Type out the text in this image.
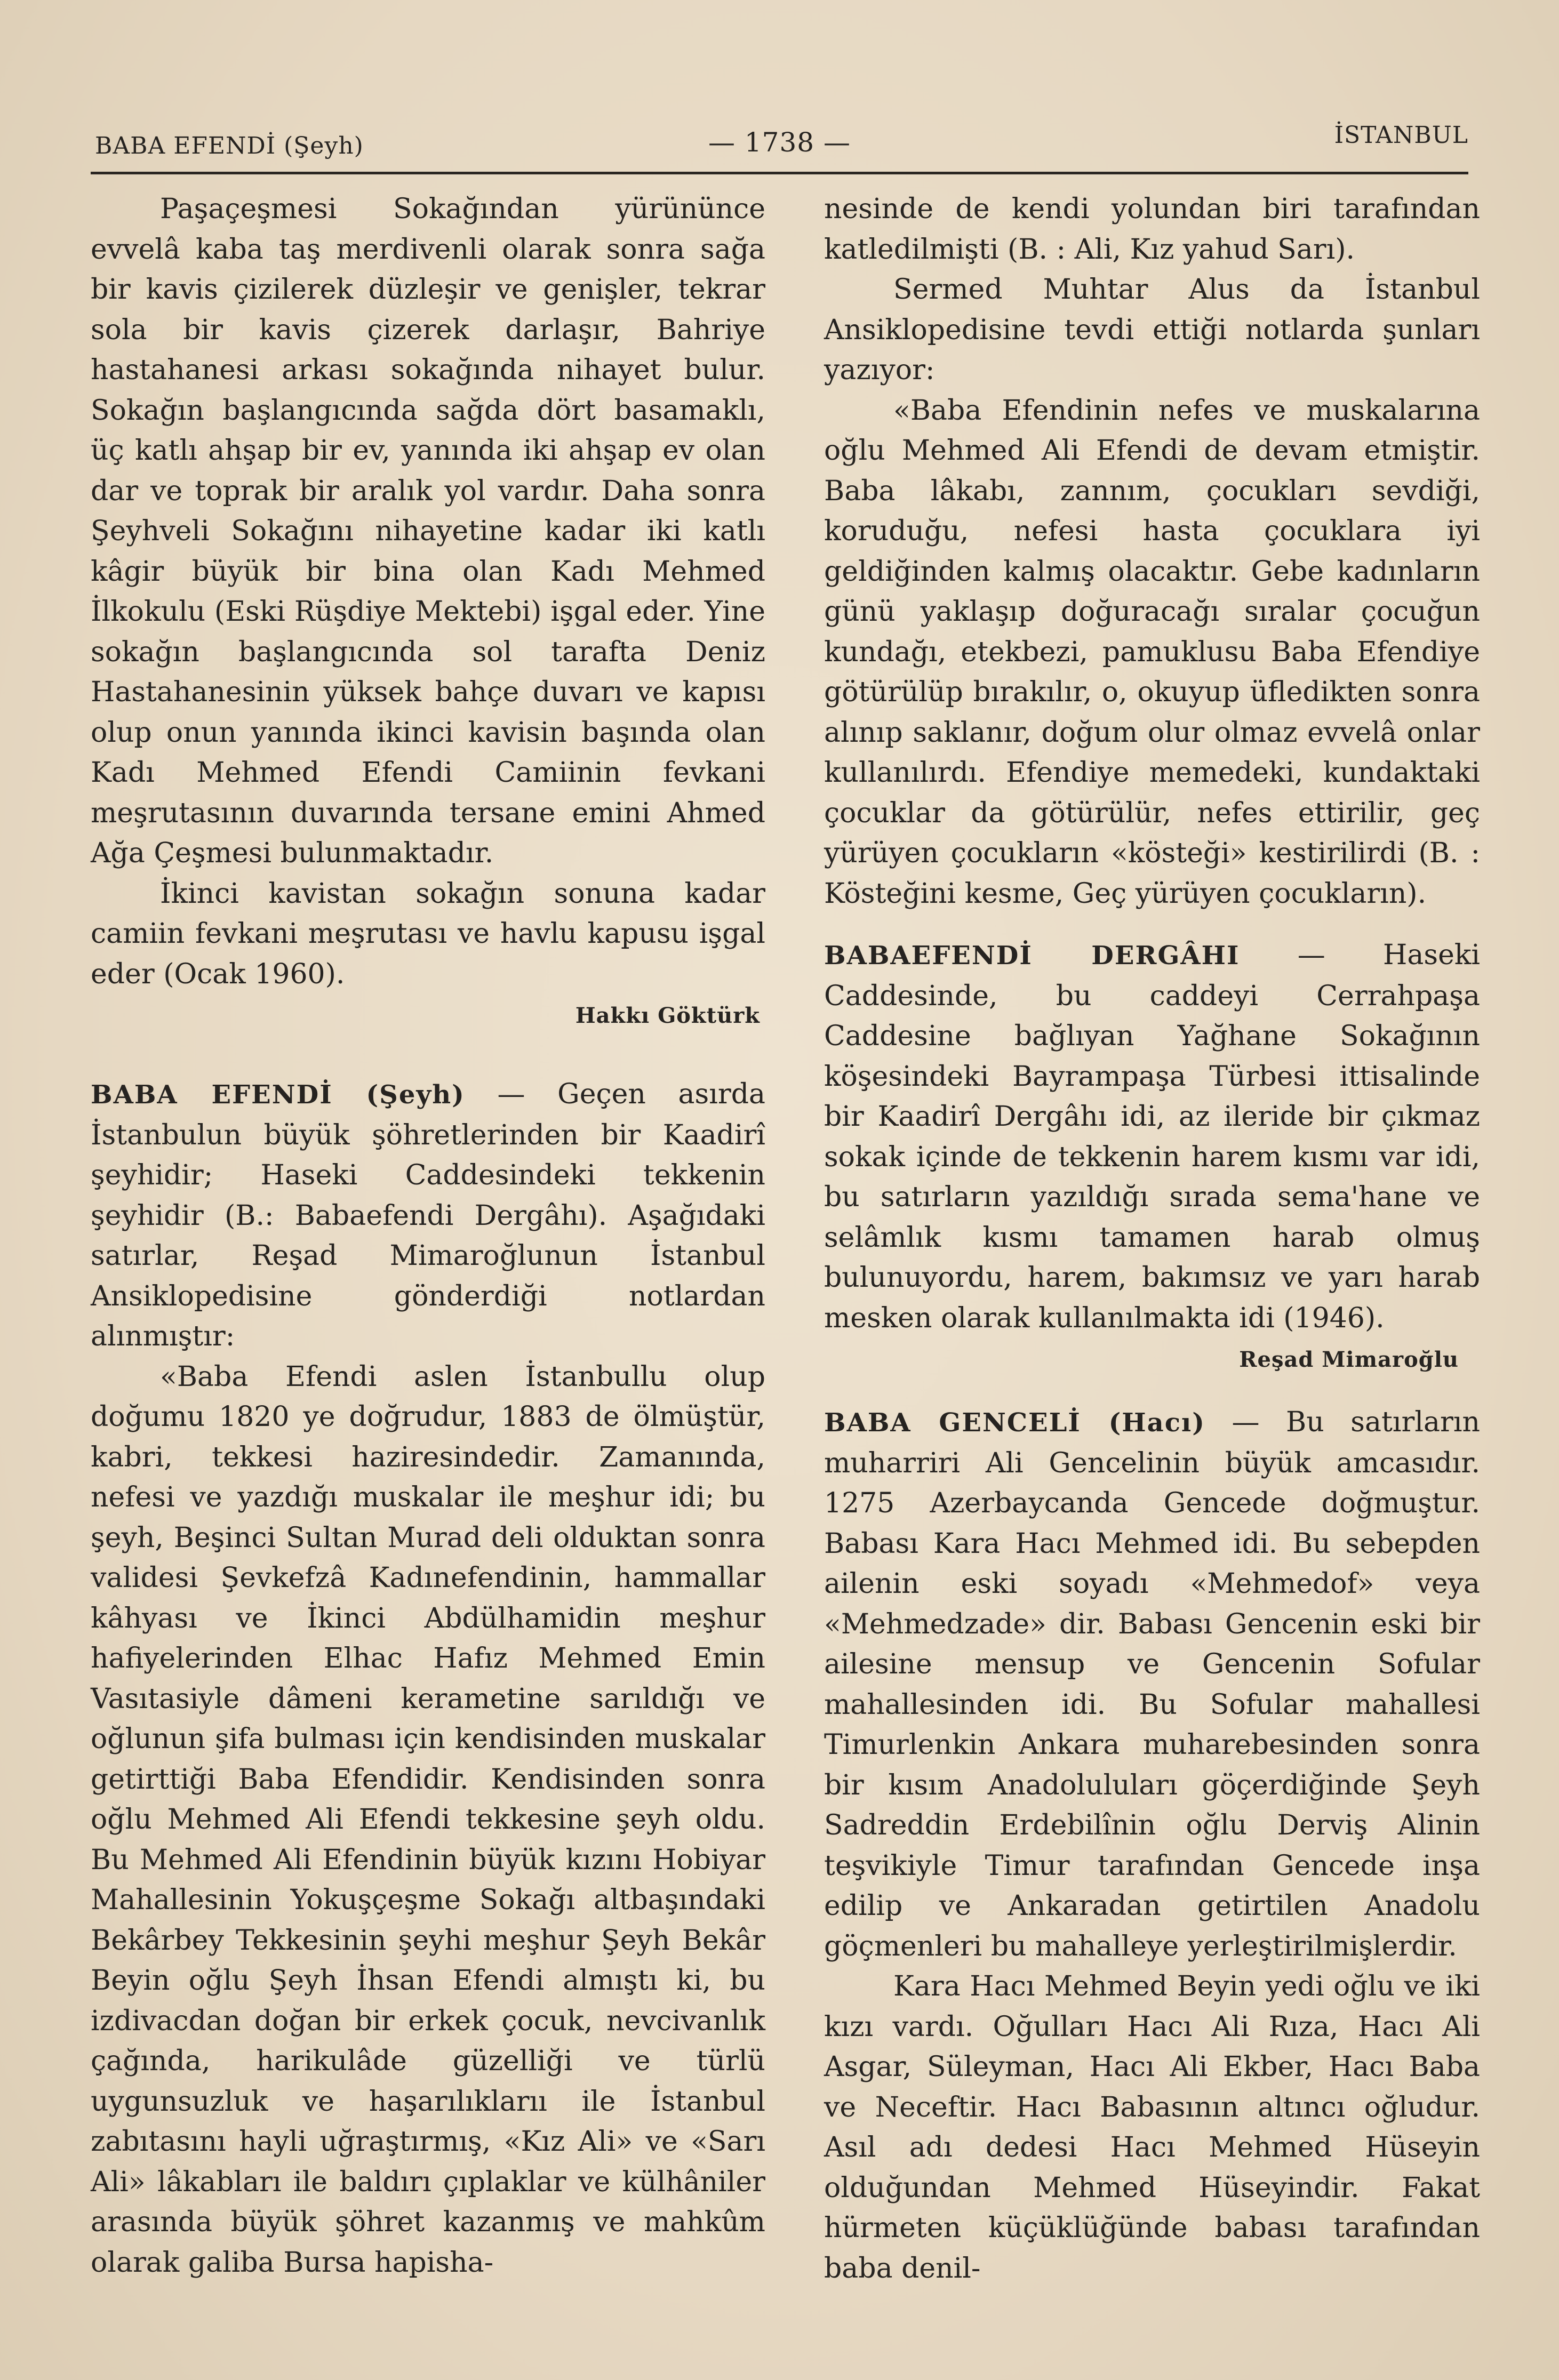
BABA EFENDİ (Şeyh)	— 1738 —	İSTANBUL

Paşaçeşmesi Sokağından yürününce evvelâ kaba taş merdivenli olarak sonra sağa bir kavis çizilerek düzleşir ve genişler, tekrar sola bir kavis çizerek darlaşır, Bahriye hastahanesi arkası sokağında nihayet bulur. Sokağın başlangıcında sağda dört basamaklı, üç katlı ahşap bir ev, yanında iki ahşap ev olan dar ve toprak bir aralık yol vardır. Daha sonra Şeyhveli Sokağını nihayetine kadar iki katlı kâgir büyük bir bina olan Kadı Mehmed İlkokulu (Eski Rüşdiye Mektebi) işgal eder. Yine sokağın başlangıcında sol tarafta Deniz Hastahanesinin yüksek bahçe duvarı ve kapısı olup onun yanında ikinci kavisin başında olan Kadı Mehmed Efendi Camiinin fevkani meşrutasının duvarında tersane emini Ahmed Ağa Çeşmesi bulunmaktadır.

İkinci kavistan sokağın sonuna kadar camiin fevkani meşrutası ve havlu kapusu işgal eder (Ocak 1960).

Hakkı Göktürk

BABA EFENDİ (Şeyh) — Geçen asırda İstanbulun büyük şöhretlerinden bir Kaadirî şeyhidir; Haseki Caddesindeki tekkenin şeyhidir (B.: Babaefendi Dergâhı). Aşağıdaki satırlar, Reşad Mimaroğlunun İstanbul Ansiklopedisine gönderdiği notlardan alınmıştır:

«Baba Efendi aslen İstanbullu olup doğumu 1820 ye doğrudur, 1883 de ölmüştür, kabri, tekkesi haziresindedir. Zamanında, nefesi ve yazdığı muskalar ile meşhur idi; bu şeyh, Beşinci Sultan Murad deli olduktan sonra validesi Şevkefzâ Kadınefendinin, hammallar kâhyası ve İkinci Abdülhamidin meşhur hafiyelerinden Elhac Hafız Mehmed Emin Vasıtasiyle dâmeni kerametine sarıldığı ve oğlunun şifa bulması için kendisinden muskalar getirttiği Baba Efendidir. Kendisinden sonra oğlu Mehmed Ali Efendi tekkesine şeyh oldu. Bu Mehmed Ali Efendinin büyük kızını Hobiyar Mahallesinin Yokuşçeşme Sokağı altbaşındaki Bekârbey Tekkesinin şeyhi meşhur Şeyh Bekâr Beyin oğlu Şeyh İhsan Efendi almıştı ki, bu izdivacdan doğan bir erkek çocuk, nevcivanlık çağında, harikulâde güzelliği ve türlü uygunsuzluk ve haşarılıklarıı ile İstanbul zabıtasını hayli uğraştırmış, «Kız Ali» ve «Sarı Ali» lâkabları ile baldırı çıplaklar ve külhâniler arasında büyük şöhret kazanmış ve mahkûm olarak galiba Bursa hapisha-

nesinde de kendi yolundan biri tarafından katledilmişti (B. : Ali, Kız yahud Sarı).

Sermed Muhtar Alus da İstanbul Ansiklopedisine tevdi ettiği notlarda şunları yazıyor:

«Baba Efendinin nefes ve muskalarına oğlu Mehmed Ali Efendi de devam etmiştir. Baba lâkabı, zannım, çocukları sevdiği, koruduğu, nefesi hasta çocuklara iyi geldiğinden kalmış olacaktır. Gebe kadınların günü yaklaşıp doğuracağı sıralar çocuğun kundağı, etekbezi, pamuklusu Baba Efendiye götürülüp bırakılır, o, okuyup üfledikten sonra alınıp saklanır, doğum olur olmaz evvelâ onlar kullanılırdı. Efendiye memedeki, kundaktaki çocuklar da götürülür, nefes ettirilir, geç yürüyen çocukların «kösteği» kestirilirdi (B. : Kösteğini kesme, Geç yürüyen çocukların).

BABAEFENDİ DERGÂHI — Haseki Caddesinde, bu caddeyi Cerrahpaşa Caddesine bağlıyan Yağhane Sokağının köşesindeki Bayrampaşa Türbesi ittisalinde bir Kaadirî Dergâhı idi, az ileride bir çıkmaz sokak içinde de tekkenin harem kısmı var idi, bu satırların yazıldığı sırada sema'hane ve selâmlık kısmı tamamen harab olmuş bulunuyordu, harem, bakımsız ve yarı harab mesken olarak kullanılmakta idi (1946).

Reşad Mimaroğlu

BABA GENCELİ (Hacı) — Bu satırların muharriri Ali Gencelinin büyük amcasıdır. 1275 Azerbaycanda Gencede doğmuştur. Babası Kara Hacı Mehmed idi. Bu sebepden ailenin eski soyadı «Mehmedof» veya «Mehmedzade» dir. Babası Gencenin eski bir ailesine mensup ve Gencenin Sofular mahallesinden idi. Bu Sofular mahallesi Timurlenkin Ankara muharebesinden sonra bir kısım Anadoluluları göçerdiğinde Şeyh Sadreddin Erdebilînin oğlu Derviş Alinin teşvikiyle Timur tarafından Gencede inşa edilip ve Ankaradan getirtilen Anadolu göçmenleri bu mahalleye yerleştirilmişlerdir.

Kara Hacı Mehmed Beyin yedi oğlu ve iki kızı vardı. Oğulları Hacı Ali Rıza, Hacı Ali Asgar, Süleyman, Hacı Ali Ekber, Hacı Baba ve Neceftir. Hacı Babasının altıncı oğludur. Asıl adı dedesi Hacı Mehmed Hüseyin olduğundan Mehmed Hüseyindir. Fakat hürmeten küçüklüğünde babası tarafından baba denil-
